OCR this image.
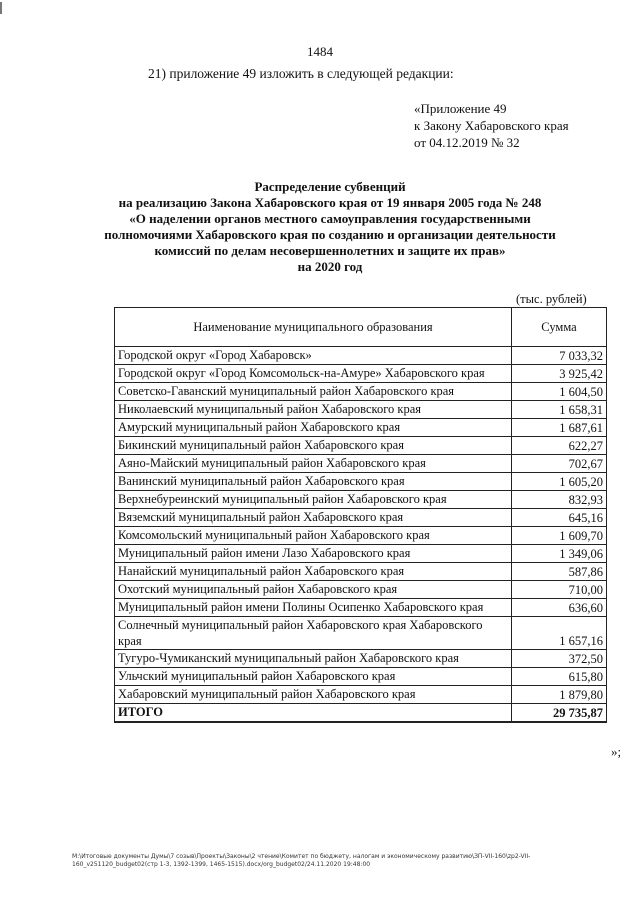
1484
21) приложение 49 изложить в следующей редакции:
«Приложение 49
к Закону Хабаровского края
от 04.12.2019 № 32
Распределение субвенций
на реализацию Закона Хабаровского края от 19 января 2005 года № 248
«О наделении органов местного самоуправления государственными
полномочиями Хабаровского края по созданию и организации деятельности
комиссий по делам несовершеннолетних и защите их прав»
на 2020 год
(тыс. рублей)
Наименование муниципального образования	Сумма
Городской округ «Город Хабаровск»	7 033,32
Городской округ «Город Комсомольск-на-Амуре» Хабаровского края	3 925,42
Советско-Гаванский муниципальный район Хабаровского края	1 604,50
Николаевский муниципальный район Хабаровского края	1 658,31
Амурский муниципальный район Хабаровского края	1 687,61
Бикинский муниципальный район Хабаровского края	622,27
Аяно-Майский муниципальный район Хабаровского края	702,67
Ванинский муниципальный район Хабаровского края	1 605,20
Верхнебуреинский муниципальный район Хабаровского края	832,93
Вяземский муниципальный район Хабаровского края	645,16
Комсомольский муниципальный район Хабаровского края	1 609,70
Муниципальный район имени Лазо Хабаровского края	1 349,06
Нанайский муниципальный район Хабаровского края	587,86
Охотский муниципальный район Хабаровского края	710,00
Муниципальный район имени Полины Осипенко Хабаровского края	636,60
Солнечный муниципальный район Хабаровского края Хабаровского края	1 657,16
Тугуро-Чумиканский муниципальный район Хабаровского края	372,50
Ульчский муниципальный район Хабаровского края	615,80
Хабаровский муниципальный район Хабаровского края	1 879,80
ИТОГО	29 735,87
»;
M:\Итоговые документы Думы\7 созыв\Проекты\Законы\2 чтение\Комитет по бюджету, налогам и экономическому развитию\ЗП-VII-160\zp2-VII-160_v251120_budget02(стр 1-3, 1392-1399, 1465-1515).docx/org_budget02/24.11.2020 19:48:00
